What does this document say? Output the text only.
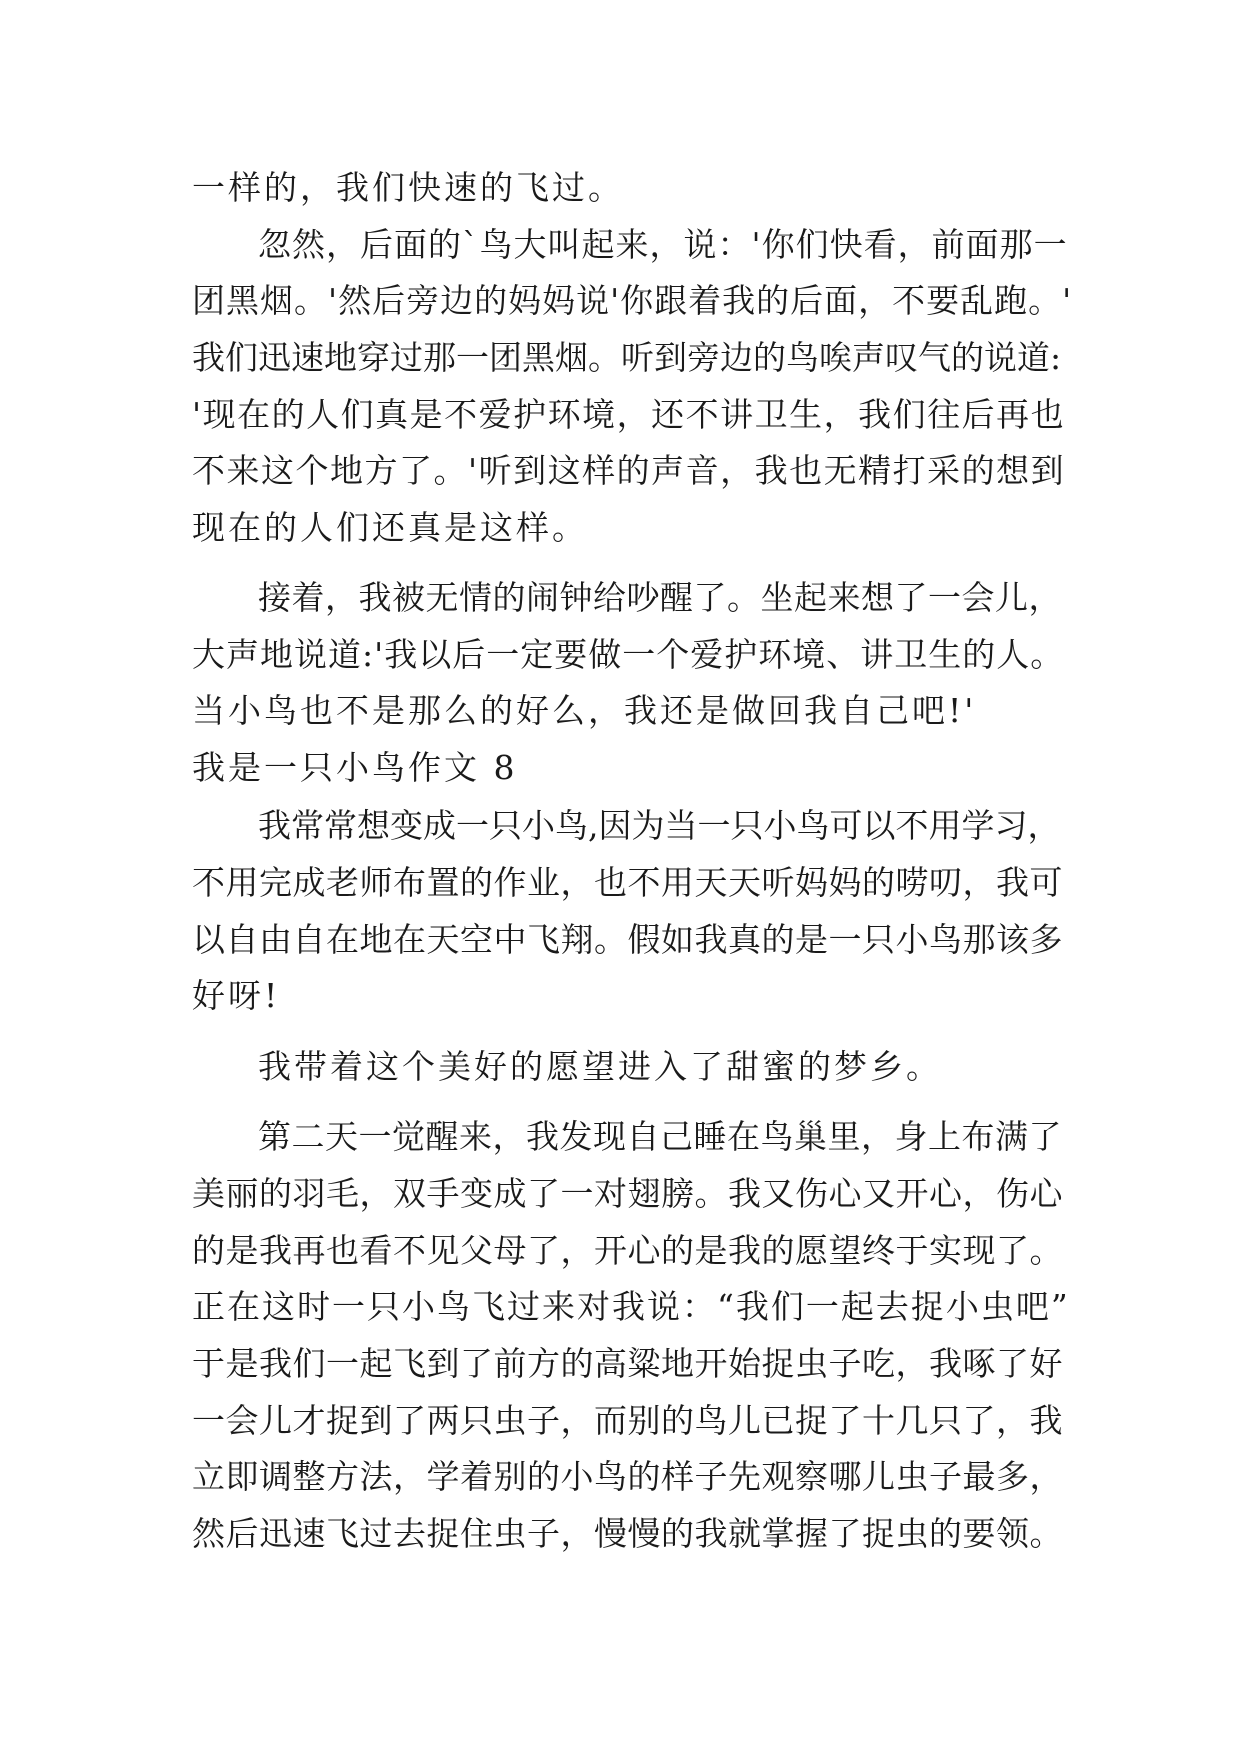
一样的，我们快速的飞过。
忽然，后面的`鸟大叫起来，说：'你们快看，前面那一
团黑烟。'然后旁边的妈妈说'你跟着我的后面，不要乱跑。'
我们迅速地穿过那一团黑烟。听到旁边的鸟唉声叹气的说道:
'现在的人们真是不爱护环境，还不讲卫生，我们往后再也
不来这个地方了。'听到这样的声音，我也无精打采的想到
现在的人们还真是这样。
接着，我被无情的闹钟给吵醒了。坐起来想了一会儿，
大声地说道:'我以后一定要做一个爱护环境、讲卫生的人。
当小鸟也不是那么的好么，我还是做回我自己吧!'
我是一只小鸟作文 8
我常常想变成一只小鸟,因为当一只小鸟可以不用学习，
不用完成老师布置的作业，也不用天天听妈妈的唠叨，我可
以自由自在地在天空中飞翔。假如我真的是一只小鸟那该多
好呀!
我带着这个美好的愿望进入了甜蜜的梦乡。
第二天一觉醒来，我发现自己睡在鸟巢里，身上布满了
美丽的羽毛，双手变成了一对翅膀。我又伤心又开心，伤心
的是我再也看不见父母了，开心的是我的愿望终于实现了。
正在这时一只小鸟飞过来对我说：“我们一起去捉小虫吧”
于是我们一起飞到了前方的高粱地开始捉虫子吃，我啄了好
一会儿才捉到了两只虫子，而别的鸟儿已捉了十几只了，我
立即调整方法，学着别的小鸟的样子先观察哪儿虫子最多，
然后迅速飞过去捉住虫子，慢慢的我就掌握了捉虫的要领。
